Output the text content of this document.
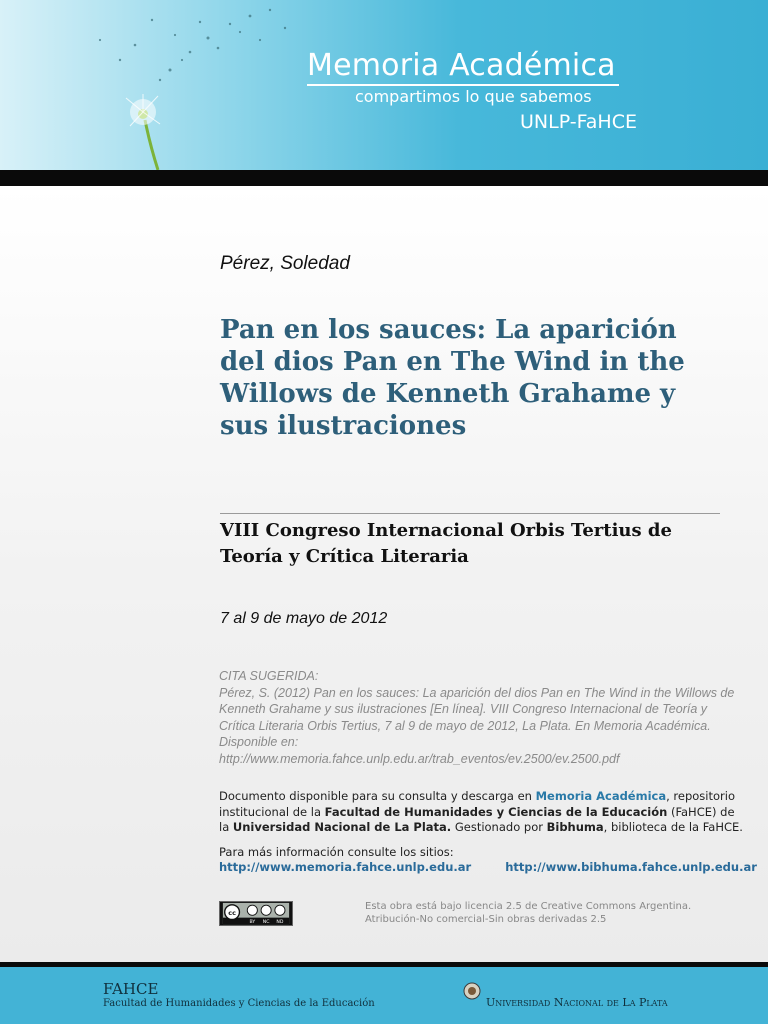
Memoria Académica
compartimos lo que sabemos
UNLP-FaHCE
Pérez, Soledad
Pan en los sauces: La aparición del dios Pan en The Wind in the Willows de Kenneth Grahame y sus ilustraciones
VIII Congreso Internacional Orbis Tertius de Teoría y Crítica Literaria
7 al 9 de mayo de 2012
CITA SUGERIDA:
Pérez, S. (2012) Pan en los sauces: La aparición del dios Pan en The Wind in the Willows de Kenneth Grahame y sus ilustraciones [En línea]. VIII Congreso Internacional de Teoría y Crítica Literaria Orbis Tertius, 7 al 9 de mayo de 2012, La Plata. En Memoria Académica. Disponible en:
http://www.memoria.fahce.unlp.edu.ar/trab_eventos/ev.2500/ev.2500.pdf
Documento disponible para su consulta y descarga en Memoria Académica, repositorio institucional de la Facultad de Humanidades y Ciencias de la Educación (FaHCE) de la Universidad Nacional de La Plata. Gestionado por Bibhuma, biblioteca de la FaHCE.
Para más información consulte los sitios:
http://www.memoria.fahce.unlp.edu.ar	http://www.bibhuma.fahce.unlp.edu.ar
cc
BY NC ND
Esta obra está bajo licencia 2.5 de Creative Commons Argentina.
Atribución-No comercial-Sin obras derivadas 2.5
FAHCE
Facultad de Humanidades y Ciencias de la Educación	Universidad Nacional de La Plata
